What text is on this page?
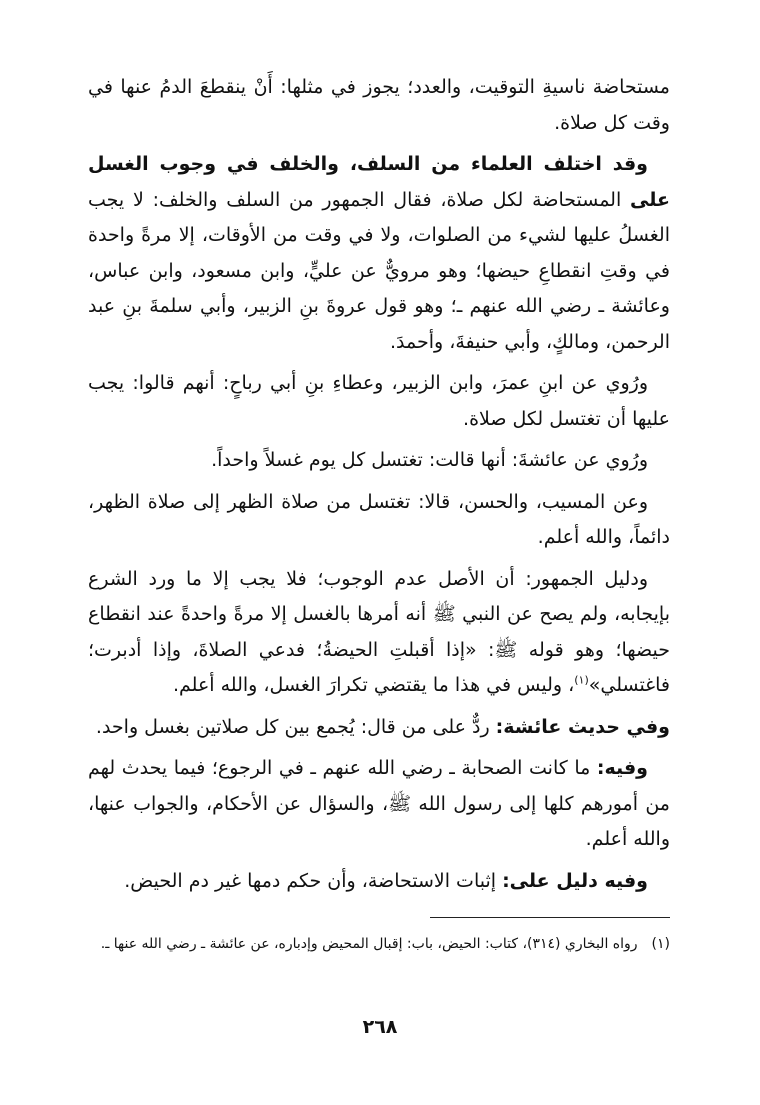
مستحاضة ناسيةِ التوقيت، والعدد؛ يجوز في مثلها: أَنْ ينقطعَ الدمُ عنها في وقت كل صلاة.

وقد اختلف العلماء من السلف، والخلف في وجوب الغسل على المستحاضة لكل صلاة، فقال الجمهور من السلف والخلف: لا يجب الغسلُ عليها لشيء من الصلوات، ولا في وقت من الأوقات، إلا مرةً واحدة في وقتِ انقطاعِ حيضها؛ وهو مرويٌّ عن عليٍّ، وابن مسعود، وابن عباس، وعائشة ـ رضي الله عنهم ـ؛ وهو قول عروةَ بنِ الزبير، وأبي سلمةَ بنِ عبد الرحمن، ومالكٍ، وأبي حنيفةَ، وأحمدَ.

ورُوي عن ابنِ عمرَ، وابن الزبير، وعطاءِ بنِ أبي رباحٍ: أنهم قالوا: يجب عليها أن تغتسل لكل صلاة.

ورُوي عن عائشةَ: أنها قالت: تغتسل كل يوم غسلاً واحداً.

وعن المسيب، والحسن، قالا: تغتسل من صلاة الظهر إلى صلاة الظهر، دائماً، والله أعلم.

ودليل الجمهور: أن الأصل عدم الوجوب؛ فلا يجب إلا ما ورد الشرع بإيجابه، ولم يصح عن النبي ﷺ أنه أمرها بالغسل إلا مرةً واحدةً عند انقطاع حيضها؛ وهو قوله ﷺ: «إذا أقبلتِ الحيضةُ؛ فدعي الصلاةَ، وإذا أدبرت؛ فاغتسلي»$^{(١)}$، وليس في هذا ما يقتضي تكرارَ الغسل، والله أعلم.

وفي حديث عائشة: ردٌّ على من قال: يُجمع بين كل صلاتين بغسل واحد.

وفيه: ما كانت الصحابة ـ رضي الله عنهم ـ في الرجوع؛ فيما يحدث لهم من أمورهم كلها إلى رسول الله ﷺ، والسؤال عن الأحكام، والجواب عنها، والله أعلم.

وفيه دليل على: إثبات الاستحاضة، وأن حكم دمها غير دم الحيض.

(١)رواه البخاري (٣١٤)، كتاب: الحيض، باب: إقبال المحيض وإدباره، عن عائشة ـ رضي الله عنها ـ.
٢٦٨
